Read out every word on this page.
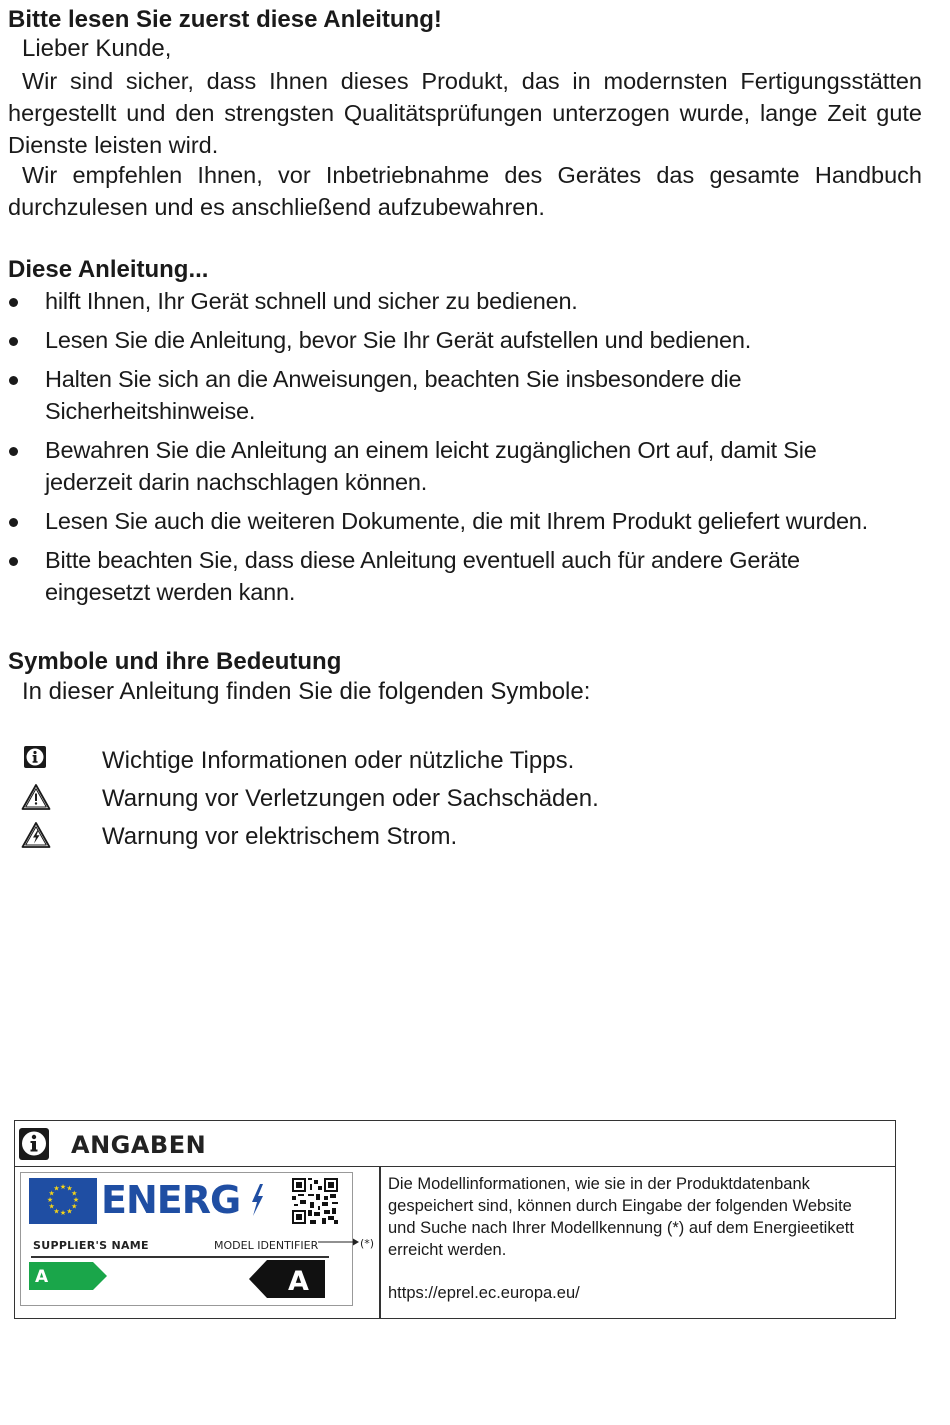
Bitte lesen Sie zuerst diese Anleitung!

Lieber Kunde,

Wir sind sicher, dass Ihnen dieses Produkt, das in modernsten Fertigungsstätten hergestellt und den strengsten Qualitätsprüfungen unterzogen wurde, lange Zeit gute Dienste leisten wird.

Wir empfehlen Ihnen, vor Inbetriebnahme des Gerätes das gesamte Handbuch durchzulesen und es anschließend aufzubewahren.

Diese Anleitung...
hilft Ihnen, Ihr Gerät schnell und sicher zu bedienen.
Lesen Sie die Anleitung, bevor Sie Ihr Gerät aufstellen und bedienen.
Halten Sie sich an die Anweisungen, beachten Sie insbesondere die Sicherheitshinweise.
Bewahren Sie die Anleitung an einem leicht zugänglichen Ort auf, damit Sie jederzeit darin nachschlagen können.
Lesen Sie auch die weiteren Dokumente, die mit Ihrem Produkt geliefert wurden.
Bitte beachten Sie, dass diese Anleitung eventuell auch für andere Geräte eingesetzt werden kann.
Symbole und ihre Bedeutung

In dieser Anleitung finden Sie die folgenden Symbole:

Wichtige Informationen oder nützliche Tipps.
Warnung vor Verletzungen oder Sachschäden.
Warnung vor elektrischem Strom.
ANGABEN
★ ★
★
★
★
★
★
★
★
★
★
★ ENERG
SUPPLIER'S NAME	MODEL IDENTIFIER
A	A
(*)

Die Modellinformationen, wie sie in der Produktdatenbank gespeichert sind, können durch Eingabe der folgenden Website und Suche nach Ihrer Modellkennung (*) auf dem Energieetikett erreicht werden.

https://eprel.ec.europa.eu/
